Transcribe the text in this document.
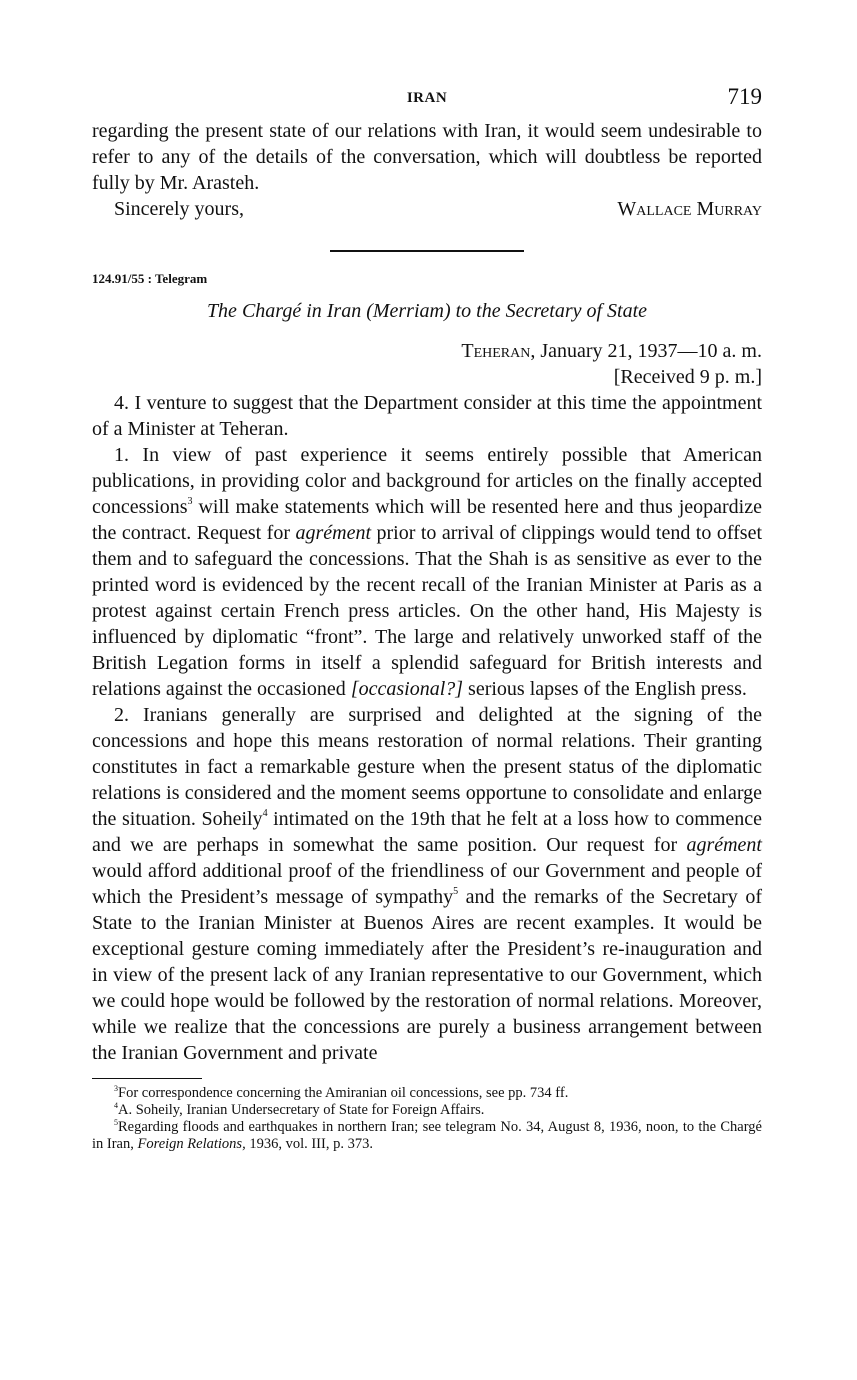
IRAN	719

regarding the present state of our relations with Iran, it would seem undesirable to refer to any of the details of the conversation, which will doubtless be reported fully by Mr. Arasteh.

Sincerely yours,	Wallace Murray
124.91/55 : Telegram
The Chargé in Iran (Merriam) to the Secretary of State
Teheran, January 21, 1937—10 a. m.
[Received 9 p. m.]

4. I venture to suggest that the Department consider at this time the appointment of a Minister at Teheran.

1. In view of past experience it seems entirely possible that American publications, in providing color and background for articles on the finally accepted concessions$^3$ will make statements which will be resented here and thus jeopardize the contract. Request for agrément prior to arrival of clippings would tend to offset them and to safeguard the concessions. That the Shah is as sensitive as ever to the printed word is evidenced by the recent recall of the Iranian Minister at Paris as a protest against certain French press articles. On the other hand, His Majesty is influenced by diplomatic “front”. The large and relatively unworked staff of the British Legation forms in itself a splendid safeguard for British interests and relations against the occasioned [occasional?] serious lapses of the English press.

2. Iranians generally are surprised and delighted at the signing of the concessions and hope this means restoration of normal relations. Their granting constitutes in fact a remarkable gesture when the present status of the diplomatic relations is considered and the moment seems opportune to consolidate and enlarge the situation. Soheily$^4$ intimated on the 19th that he felt at a loss how to commence and we are perhaps in somewhat the same position. Our request for agrément would afford additional proof of the friendliness of our Government and people of which the President’s message of sympathy$^5$ and the remarks of the Secretary of State to the Iranian Minister at Buenos Aires are recent examples. It would be exceptional gesture coming immediately after the President’s re-inauguration and in view of the present lack of any Iranian representative to our Government, which we could hope would be followed by the restoration of normal relations. Moreover, while we realize that the concessions are purely a business arrangement between the Iranian Government and private

$^3$For correspondence concerning the Amiranian oil concessions, see pp. 734 ff.

$^4$A. Soheily, Iranian Undersecretary of State for Foreign Affairs.

$^5$Regarding floods and earthquakes in northern Iran; see telegram No. 34, August 8, 1936, noon, to the Chargé in Iran, Foreign Relations, 1936, vol. III, p. 373.
